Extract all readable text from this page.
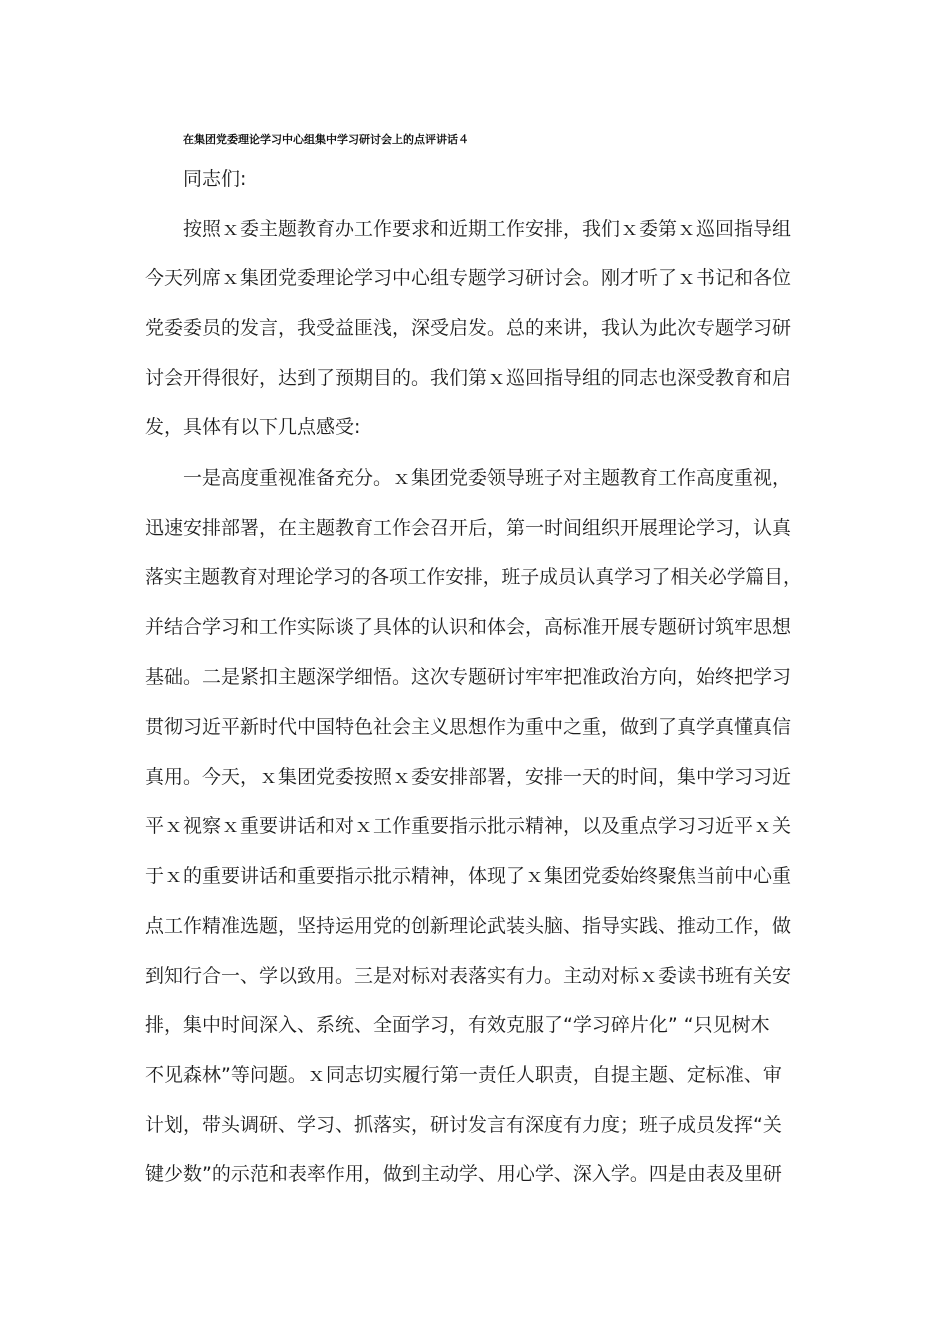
在集团党委理论学习中心组集中学习研讨会上的点评讲话４
同志们:
按照ｘ委主题教育办工作要求和近期工作安排，我们ｘ委第ｘ巡回指导组
今天列席ｘ集团党委理论学习中心组专题学习研讨会。刚才听了ｘ书记和各位
党委委员的发言，我受益匪浅，深受启发。总的来讲，我认为此次专题学习研
讨会开得很好，达到了预期目的。我们第ｘ巡回指导组的同志也深受教育和启
发，具体有以下几点感受:
一是高度重视准备充分。ｘ集团党委领导班子对主题教育工作高度重视，
迅速安排部署，在主题教育工作会召开后，第一时间组织开展理论学习，认真
落实主题教育对理论学习的各项工作安排，班子成员认真学习了相关必学篇目，
并结合学习和工作实际谈了具体的认识和体会，高标准开展专题研讨筑牢思想
基础。二是紧扣主题深学细悟。这次专题研讨牢牢把准政治方向，始终把学习
贯彻习近平新时代中国特色社会主义思想作为重中之重，做到了真学真懂真信
真用。今天，ｘ集团党委按照ｘ委安排部署，安排一天的时间，集中学习习近
平ｘ视察ｘ重要讲话和对ｘ工作重要指示批示精神，以及重点学习习近平ｘ关
于ｘ的重要讲话和重要指示批示精神，体现了ｘ集团党委始终聚焦当前中心重
点工作精准选题，坚持运用党的创新理论武装头脑、指导实践、推动工作，做
到知行合一、学以致用。三是对标对表落实有力。主动对标ｘ委读书班有关安
排，集中时间深入、系统、全面学习，有效克服了“学习碎片化” “只见树木
不见森林”等问题。ｘ同志切实履行第一责任人职责，自提主题、定标准、审
计划，带头调研、学习、抓落实，研讨发言有深度有力度；班子成员发挥“关
键少数”的示范和表率作用，做到主动学、用心学、深入学。四是由表及里研
